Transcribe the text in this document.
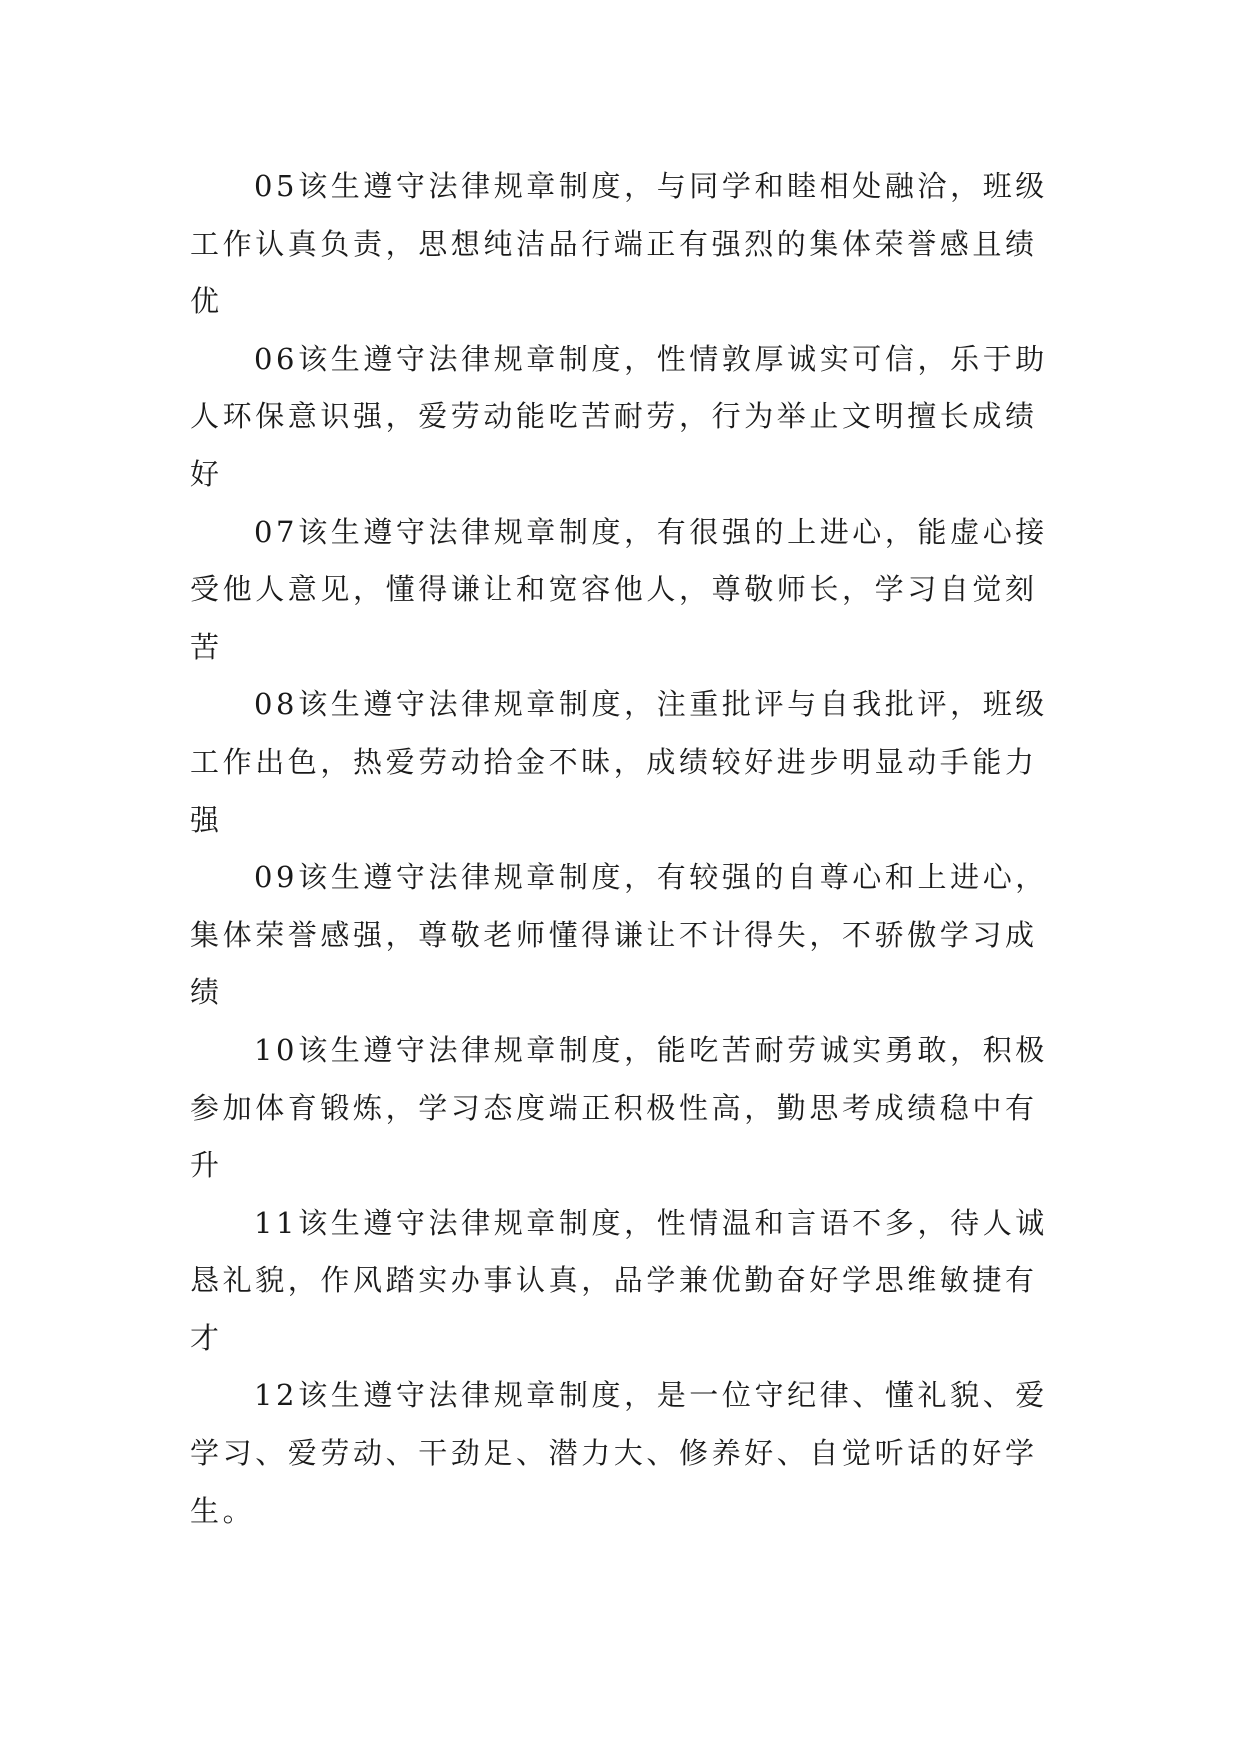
05该生遵守法律规章制度，与同学和睦相处融洽，班级工作认真负责，思想纯洁品行端正有强烈的集体荣誉感且绩优

06该生遵守法律规章制度，性情敦厚诚实可信，乐于助人环保意识强，爱劳动能吃苦耐劳，行为举止文明擅长成绩好

07该生遵守法律规章制度，有很强的上进心，能虚心接受他人意见，懂得谦让和宽容他人，尊敬师长，学习自觉刻苦

08该生遵守法律规章制度，注重批评与自我批评，班级工作出色，热爱劳动拾金不昧，成绩较好进步明显动手能力强

09该生遵守法律规章制度，有较强的自尊心和上进心，集体荣誉感强，尊敬老师懂得谦让不计得失，不骄傲学习成绩

10该生遵守法律规章制度，能吃苦耐劳诚实勇敢，积极参加体育锻炼，学习态度端正积极性高，勤思考成绩稳中有升

11该生遵守法律规章制度，性情温和言语不多，待人诚恳礼貌，作风踏实办事认真，品学兼优勤奋好学思维敏捷有才

12该生遵守法律规章制度，是一位守纪律、懂礼貌、爱学习、爱劳动、干劲足、潜力大、修养好、自觉听话的好学生。
